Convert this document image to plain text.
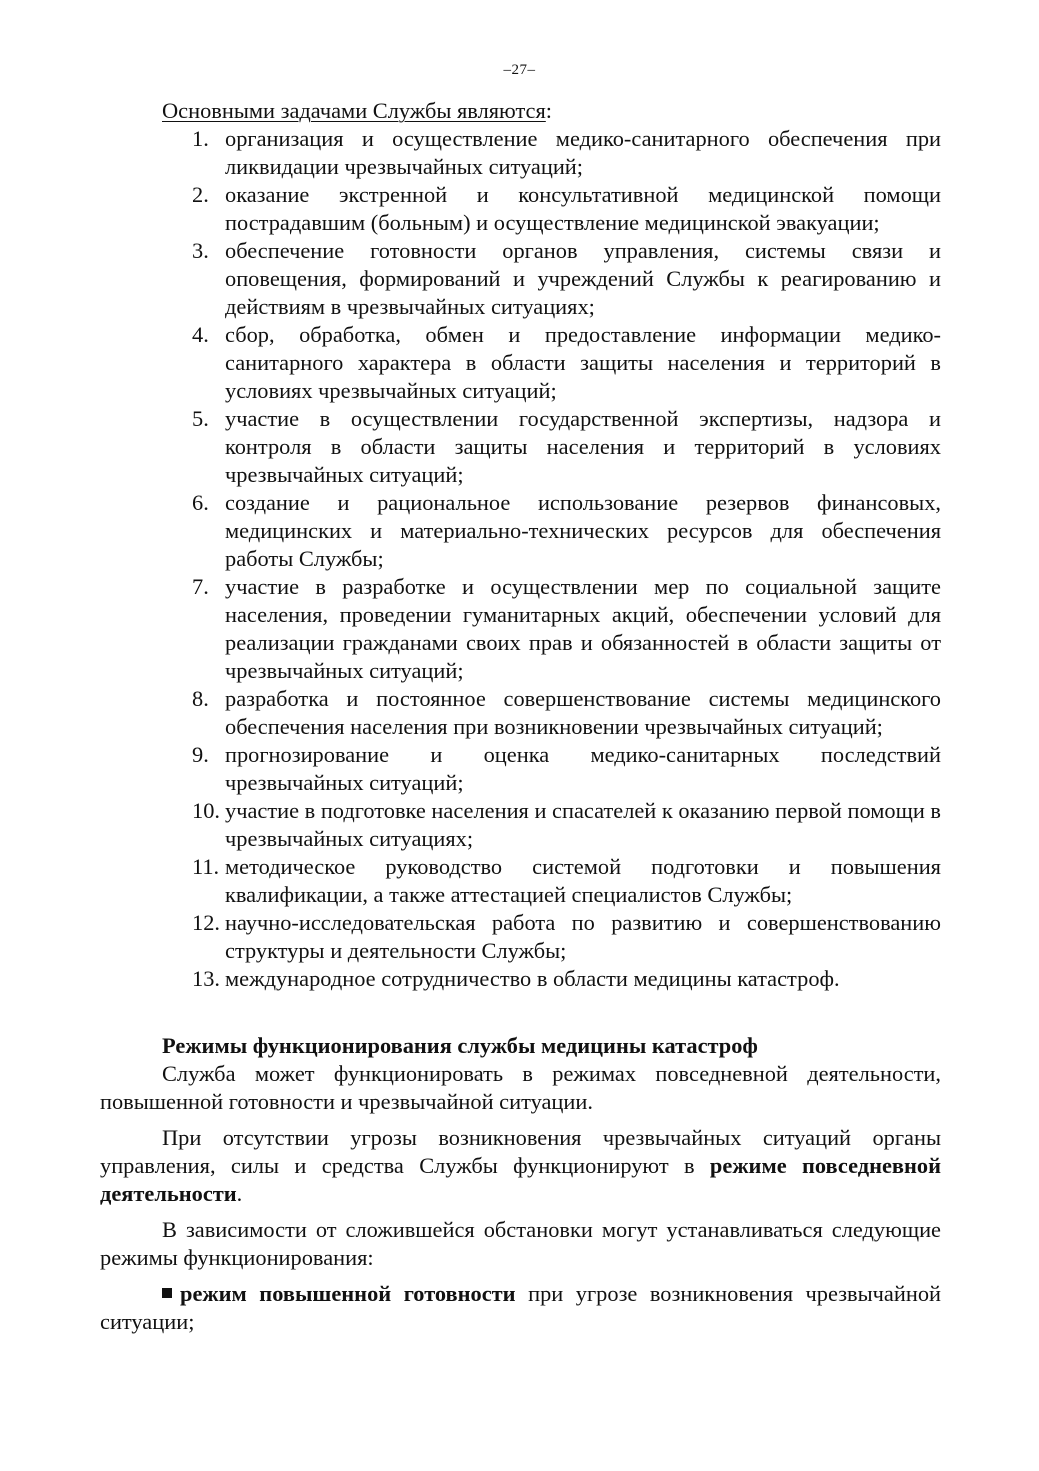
–27–

Основными задачами Службы являются:

1. организация и осуществление медико-санитарного обеспечения при ликвидации чрезвычайных ситуаций;
2. оказание экстренной и консультативной медицинской помощи пострадавшим (больным) и осуществление медицинской эвакуации;
3. обеспечение готовности органов управления, системы связи и оповещения, формирований и учреждений Службы к реагированию и действиям в чрезвычайных ситуациях;
4. сбор, обработка, обмен и предоставление информации медико-санитарного характера в области защиты населения и территорий в условиях чрезвычайных ситуаций;
5. участие в осуществлении государственной экспертизы, надзора и контроля в области защиты населения и территорий в условиях чрезвычайных ситуаций;
6. создание и рациональное использование резервов финансовых, медицинских и материально-технических ресурсов для обеспечения работы Службы;
7. участие в разработке и осуществлении мер по социальной защите населения, проведении гуманитарных акций, обеспечении условий для реализации гражданами своих прав и обязанностей в области защиты от чрезвычайных ситуаций;
8. разработка и постоянное совершенствование системы медицинского обеспечения населения при возникновении чрезвычайных ситуаций;
9. прогнозирование и оценка медико-санитарных последствий чрезвычайных ситуаций;
10. участие в подготовке населения и спасателей к оказанию первой помощи в чрезвычайных ситуациях;
11. методическое руководство системой подготовки и повышения квалификации, а также аттестацией специалистов Службы;
12. научно-исследовательская работа по развитию и совершенствованию структуры и деятельности Службы;
13. международное сотрудничество в области медицины катастроф.

Режимы функционирования службы медицины катастроф

Служба может функционировать в режимах повседневной деятельности, повышенной готовности и чрезвычайной ситуации.

При отсутствии угрозы возникновения чрезвычайных ситуаций органы управления, силы и средства Службы функционируют в режиме повседневной деятельности.

В зависимости от сложившейся обстановки могут устанавливаться следующие режимы функционирования:

режим повышенной готовности при угрозе возникновения чрезвычайной ситуации;
